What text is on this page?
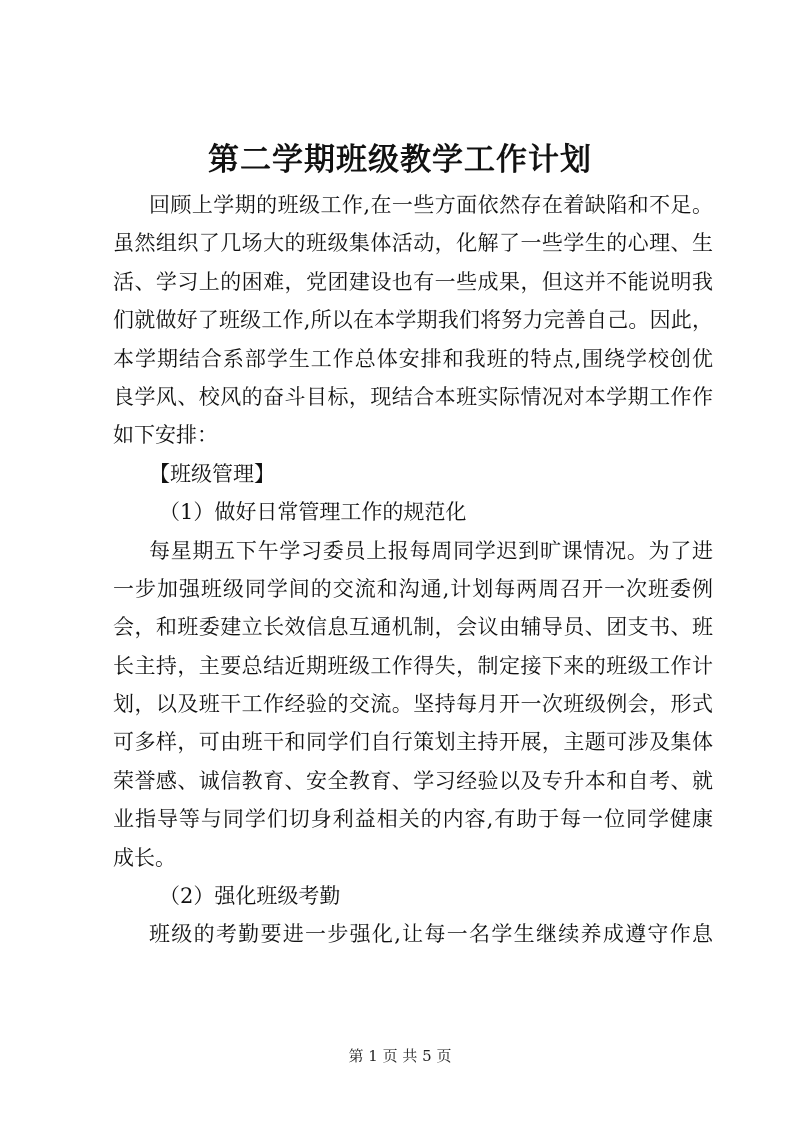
第二学期班级教学工作计划
回顾上学期的班级工作,在一些方面依然存在着缺陷和不足。
虽然组织了几场大的班级集体活动，化解了一些学生的心理、生
活、学习上的困难，党团建设也有一些成果，但这并不能说明我
们就做好了班级工作,所以在本学期我们将努力完善自己。因此，
本学期结合系部学生工作总体安排和我班的特点,围绕学校创优
良学风、校风的奋斗目标，现结合本班实际情况对本学期工作作
如下安排：
【班级管理】
（1）做好日常管理工作的规范化
每星期五下午学习委员上报每周同学迟到旷课情况。为了进
一步加强班级同学间的交流和沟通,计划每两周召开一次班委例
会，和班委建立长效信息互通机制，会议由辅导员、团支书、班
长主持，主要总结近期班级工作得失，制定接下来的班级工作计
划，以及班干工作经验的交流。坚持每月开一次班级例会，形式
可多样，可由班干和同学们自行策划主持开展，主题可涉及集体
荣誉感、诚信教育、安全教育、学习经验以及专升本和自考、就
业指导等与同学们切身利益相关的内容,有助于每一位同学健康
成长。
（2）强化班级考勤
班级的考勤要进一步强化,让每一名学生继续养成遵守作息
第 1 页 共 5 页
